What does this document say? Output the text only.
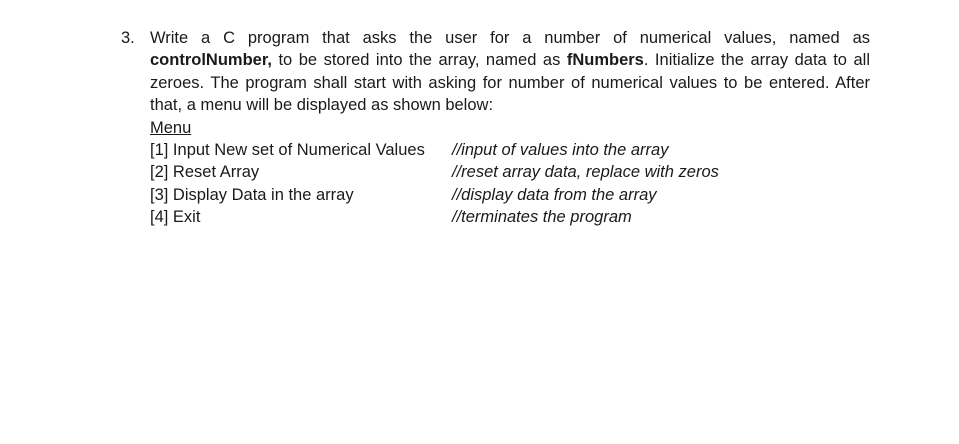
3. Write a C program that asks the user for a number of numerical values, named as controlNumber, to be stored into the array, named as fNumbers. Initialize the array data to all zeroes. The program shall start with asking for number of numerical values to be entered. After that, a menu will be displayed as shown below:

Menu
[1] Input New set of Numerical Values	//input of values into the array
[2] Reset Array	//reset array data, replace with zeros
[3] Display Data in the array	//display data from the array
[4] Exit	//terminates the program
